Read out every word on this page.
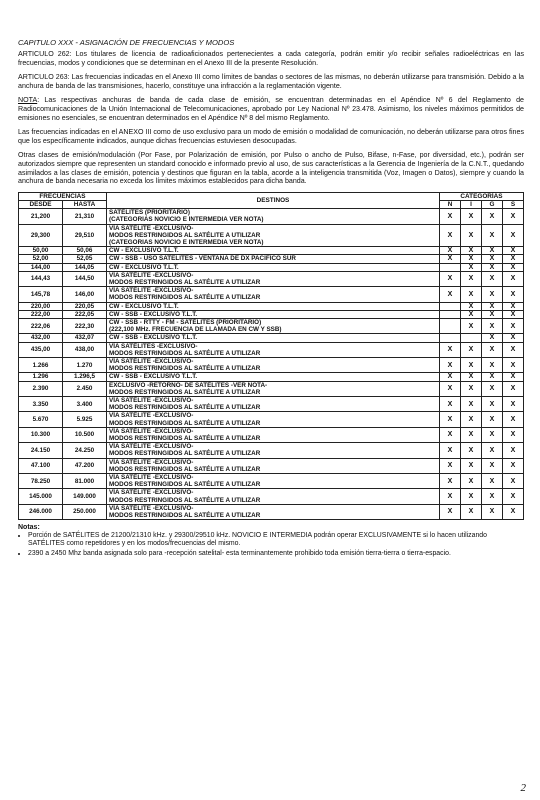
CAPITULO XXX - ASIGNACIÓN DE FRECUENCIAS Y MODOS

ARTICULO 262: Los titulares de licencia de radioaficionados pertenecientes a cada categoría, podrán emitir y/o recibir señales radioeléctricas en las frecuencias, modos y condiciones que se determinan en el Anexo III de la presente Resolución.

ARTICULO 263: Las frecuencias indicadas en el Anexo III como límites de bandas o sectores de las mismas, no deberán utilizarse para transmisión. Debido a la anchura de banda de las transmisiones, hacerlo, constituye una infracción a la reglamentación vigente.

NOTA: Las respectivas anchuras de banda de cada clase de emisión, se encuentran determinadas en el Apéndice Nº 6 del Reglamento de Radiocomunicaciones de la Unión Internacional de Telecomunicaciones, aprobado por Ley Nacional Nº 23.478. Asimismo, los niveles máximos permitidos de emisiones no esenciales, se encuentran determinados en el Apéndice Nº 8 del mismo Reglamento.

Las frecuencias indicadas en el ANEXO III como de uso exclusivo para un modo de emisión o modalidad de comunicación, no deberán utilizarse para otros fines que los específicamente indicados, aunque dichas frecuencias estuviesen desocupadas.

Otras clases de emisión/modulación (Por Fase, por Polarización de emisión, por Pulso o ancho de Pulso, Bifase, n-Fase, por diversidad, etc.), podrán ser autorizados siempre que representen un standard conocido e informado previo al uso, de sus características a la Gerencia de Ingeniería de la C.N.T., quedando asimilados a las clases de emisión, potencia y destinos que figuran en la tabla, acorde a la inteligencia transmitida (Voz, Imagen o Datos), siempre y cuando la anchura de banda necesaria no exceda los límites máximos establecidos para dicha banda.

FRECUENCIAS		DESTINOS	CATEGORÍAS			
DESDE	HASTA		N	I	G	S
21,200	21,310	SATÉLITES (PRIORITARIO)
(CATEGORIAS NOVICIO E INTERMEDIA VER NOTA)	X	X	X	X
29,300	29,510	VÍA SATÉLITE -EXCLUSIVO-
MODOS RESTRINGIDOS AL SATÉLITE A UTILIZAR
(CATEGORIAS NOVICIO E INTERMEDIA VER NOTA)	X	X	X	X
50,00	50,06	CW - EXCLUSIVO T.L.T.	X	X	X	X
52,00	52,05	CW - SSB - USO SATELITES - VENTANA DE DX PACIFICO SUR	X	X	X	X
144,00	144,05	CW - EXCLUSIVO T.L.T.		X	X	X
144,43	144,50	VÍA SATÉLITE -EXCLUSIVO-
MODOS RESTRINGIDOS AL SATÉLITE A UTILIZAR	X	X	X	X
145,78	146,00	VÍA SATÉLITE -EXCLUSIVO-
MODOS RESTRINGIDOS AL SATÉLITE A UTILIZAR	X	X	X	X
220,00	220,05	CW - EXCLUSIVO T.L.T.		X	X	X
222,00	222,05	CW - SSB - EXCLUSIVO T.L.T.		X	X	X
222,06	222,30	CW - SSB - RTTY - FM - SATÉLITES (PRIORITARIO)
(222,100 MHz. FRECUENCIA DE LLAMADA EN CW Y SSB)		X	X	X
432,00	432,07	CW - SSB - EXCLUSIVO T.L.T.			X	X
435,00	438,00	VÍA SATÉLITES -EXCLUSIVO-
MODOS RESTRINGIDOS AL SATÉLITE A UTILIZAR	X	X	X	X
1.266	1.270	VÍA SATÉLITE -EXCLUSIVO-
MODOS RESTRINGIDOS AL SATÉLITE A UTILIZAR	X	X	X	X
1.296	1.296,5	CW - SSB - EXCLUSIVO T.L.T.	X	X	X	X
2.390	2.450	EXCLUSIVO -RETORNO- DE SATÉLITES -VER NOTA-
MODOS RESTRINGIDOS AL SATÉLITE A UTILIZAR	X	X	X	X
3.350	3.400	VÍA SATÉLITE -EXCLUSIVO-
MODOS RESTRINGIDOS AL SATÉLITE A UTILIZAR	X	X	X	X
5.670	5.925	VÍA SATÉLITE -EXCLUSIVO-
MODOS RESTRINGIDOS AL SATÉLITE A UTILIZAR	X	X	X	X
10.300	10.500	VÍA SATÉLITE -EXCLUSIVO-
MODOS RESTRINGIDOS AL SATÉLITE A UTILIZAR	X	X	X	X
24.150	24.250	VÍA SATÉLITE -EXCLUSIVO-
MODOS RESTRINGIDOS AL SATÉLITE A UTILIZAR	X	X	X	X
47.100	47.200	VÍA SATÉLITE -EXCLUSIVO-
MODOS RESTRINGIDOS AL SATÉLITE A UTILIZAR	X	X	X	X
78.250	81.000	VÍA SATÉLITE -EXCLUSIVO-
MODOS RESTRINGIDOS AL SATÉLITE A UTILIZAR	X	X	X	X
145.000	149.000	VÍA SATÉLITE -EXCLUSIVO-
MODOS RESTRINGIDOS AL SATÉLITE A UTILIZAR	X	X	X	X
246.000	250.000	VÍA SATÉLITE -EXCLUSIVO-
MODOS RESTRINGIDOS AL SATÉLITE A UTILIZAR	X	X	X	X
Notas:
• Porción de SATÉLITES de 21200/21310 kHz. y 29300/29510 kHz. NOVICIO E INTERMEDIA podrán operar EXCLUSIVAMENTE si lo hacen utilizando SATÉLITES como repetidores y en los modos/frecuencias del mismo.
• 2390 a 2450 Mhz banda asignada solo para -recepción satelital- esta terminantemente prohibido toda emisión tierra-tierra o tierra-espacio.
2
